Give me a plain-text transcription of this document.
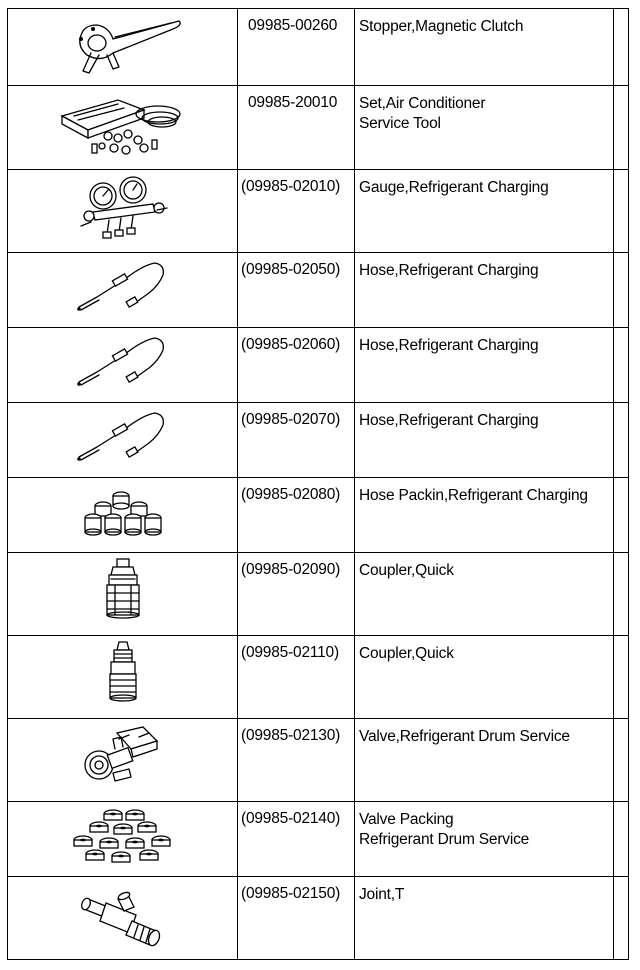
	09985-00260	Stopper,Magnetic Clutch	

	09985-20010	Set,Air Conditioner
Service Tool	

	(09985-02010)	Gauge,Refrigerant Charging	

	(09985-02050)	Hose,Refrigerant Charging	

	(09985-02060)	Hose,Refrigerant Charging	

	(09985-02070)	Hose,Refrigerant Charging	

	(09985-02080)	Hose Packin,Refrigerant Charging	

	(09985-02090)	Coupler,Quick	

	(09985-02110)	Coupler,Quick	

	(09985-02130)	Valve,Refrigerant Drum Service	

	(09985-02140)	Valve Packing
Refrigerant Drum Service	

	(09985-02150)	Joint,T	
